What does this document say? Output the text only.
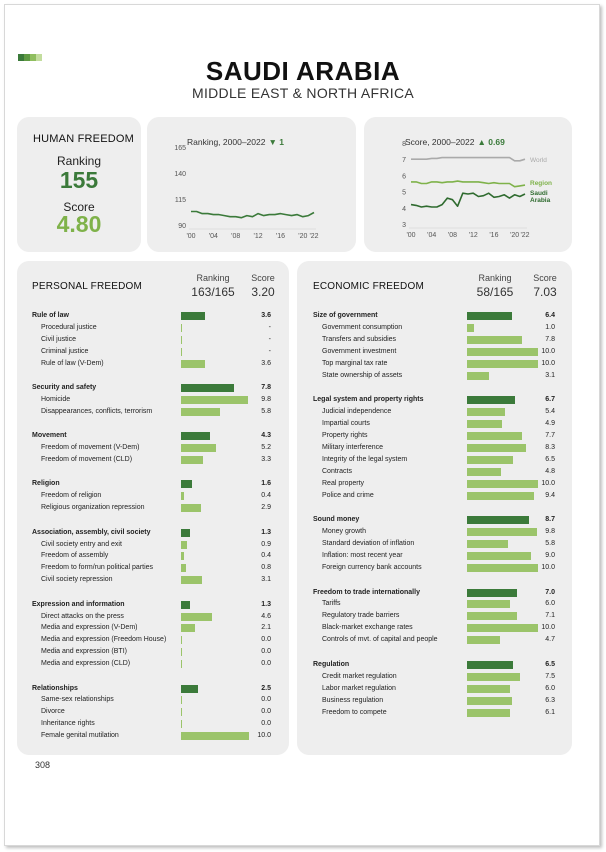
SAUDI ARABIA
MIDDLE EAST & NORTH AFRICA
HUMAN FREEDOM
Ranking
155
Score
4.80
Ranking, 2000–2022 ▼ 1
90
115
140
165
'00 '04 '08 '12 '16 '20 '22
Score, 2000–2022 ▲ 0.69
3
4
5
6
7
8
'00 '04 '08 '12 '16 '20 '22
World
Region
Saudi Arabia
PERSONAL FREEDOM
Ranking
163/165
Score
3.20
Rule of law	3.6
Procedural justice	-
Civil justice	-
Criminal justice	-
Rule of law (V-Dem)	3.6
Security and safety	7.8
Homicide	9.8
Disappearances, conflicts, terrorism	5.8
Movement	4.3
Freedom of movement (V-Dem)	5.2
Freedom of movement (CLD)	3.3
Religion	1.6
Freedom of religion	0.4
Religious organization repression	2.9
Association, assembly, civil society	1.3
Civil society entry and exit	0.9
Freedom of assembly	0.4
Freedom to form/run political parties	0.8
Civil society repression	3.1
Expression and information	1.3
Direct attacks on the press	4.6
Media and expression (V-Dem)	2.1
Media and expression (Freedom House)	0.0
Media and expression (BTI)	0.0
Media and expression (CLD)	0.0
Relationships	2.5
Same-sex relationships	0.0
Divorce	0.0
Inheritance rights	0.0
Female genital mutilation	10.0
ECONOMIC FREEDOM
Ranking
58/165
Score
7.03
Size of government	6.4
Government consumption	1.0
Transfers and subsidies	7.8
Government investment	10.0
Top marginal tax rate	10.0
State ownership of assets	3.1
Legal system and property rights	6.7
Judicial independence	5.4
Impartial courts	4.9
Property rights	7.7
Military interference	8.3
Integrity of the legal system	6.5
Contracts	4.8
Real property	10.0
Police and crime	9.4
Sound money	8.7
Money growth	9.8
Standard deviation of inflation	5.8
Inflation: most recent year	9.0
Foreign currency bank accounts	10.0
Freedom to trade internationally	7.0
Tariffs	6.0
Regulatory trade barriers	7.1
Black-market exchange rates	10.0
Controls of mvt. of capital and people	4.7
Regulation	6.5
Credit market regulation	7.5
Labor market regulation	6.0
Business regulation	6.3
Freedom to compete	6.1
308
